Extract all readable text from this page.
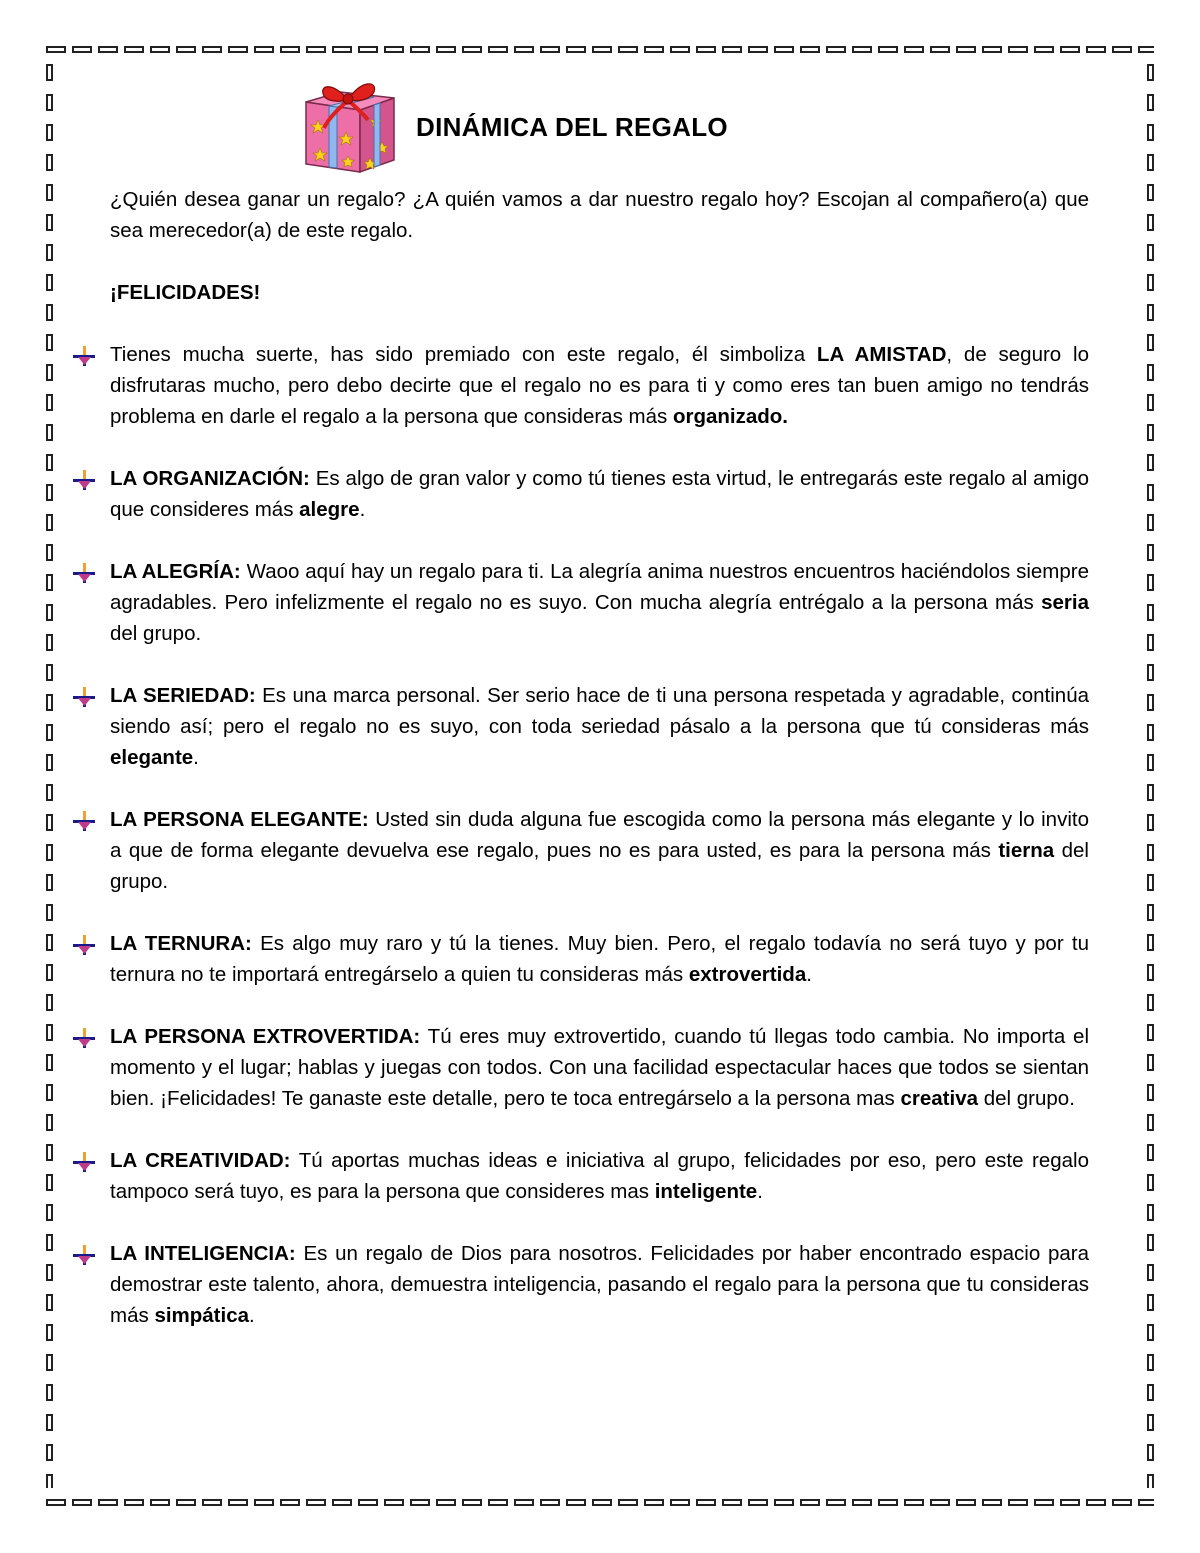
DINÁMICA DEL REGALO

¿Quién desea ganar un regalo? ¿A quién vamos a dar nuestro regalo hoy? Escojan al compañero(a) que sea merecedor(a) de este regalo.

¡FELICIDADES!

Tienes mucha suerte, has sido premiado con este regalo, él simboliza LA AMISTAD, de seguro lo disfrutaras mucho, pero debo decirte que el regalo no es para ti y como eres tan buen amigo no tendrás problema en darle el regalo a la persona que consideras más organizado.
LA ORGANIZACIÓN: Es algo de gran valor y como tú tienes esta virtud, le entregarás este regalo al amigo que consideres más alegre.
LA ALEGRÍA: Waoo aquí hay un regalo para ti. La alegría anima nuestros encuentros haciéndolos siempre agradables. Pero infelizmente el regalo no es suyo. Con mucha alegría entrégalo a la persona más seria del grupo.
LA SERIEDAD: Es una marca personal. Ser serio hace de ti una persona respetada y agradable, continúa siendo así; pero el regalo no es suyo, con toda seriedad pásalo a la persona que tú consideras más elegante.
LA PERSONA ELEGANTE: Usted sin duda alguna fue escogida como la persona más elegante y lo invito a que de forma elegante devuelva ese regalo, pues no es para usted, es para la persona más tierna del grupo.
LA TERNURA: Es algo muy raro y tú la tienes. Muy bien. Pero, el regalo todavía no será tuyo y por tu ternura no te importará entregárselo a quien tu consideras más extrovertida.
LA PERSONA EXTROVERTIDA: Tú eres muy extrovertido, cuando tú llegas todo cambia. No importa el momento y el lugar; hablas y juegas con todos. Con una facilidad espectacular haces que todos se sientan bien. ¡Felicidades! Te ganaste este detalle, pero te toca entregárselo a la persona mas creativa del grupo.
LA CREATIVIDAD: Tú aportas muchas ideas e iniciativa al grupo, felicidades por eso, pero este regalo tampoco será tuyo, es para la persona que consideres mas inteligente.
LA INTELIGENCIA: Es un regalo de Dios para nosotros. Felicidades por haber encontrado espacio para demostrar este talento, ahora, demuestra inteligencia, pasando el regalo para la persona que tu consideras más simpática.
